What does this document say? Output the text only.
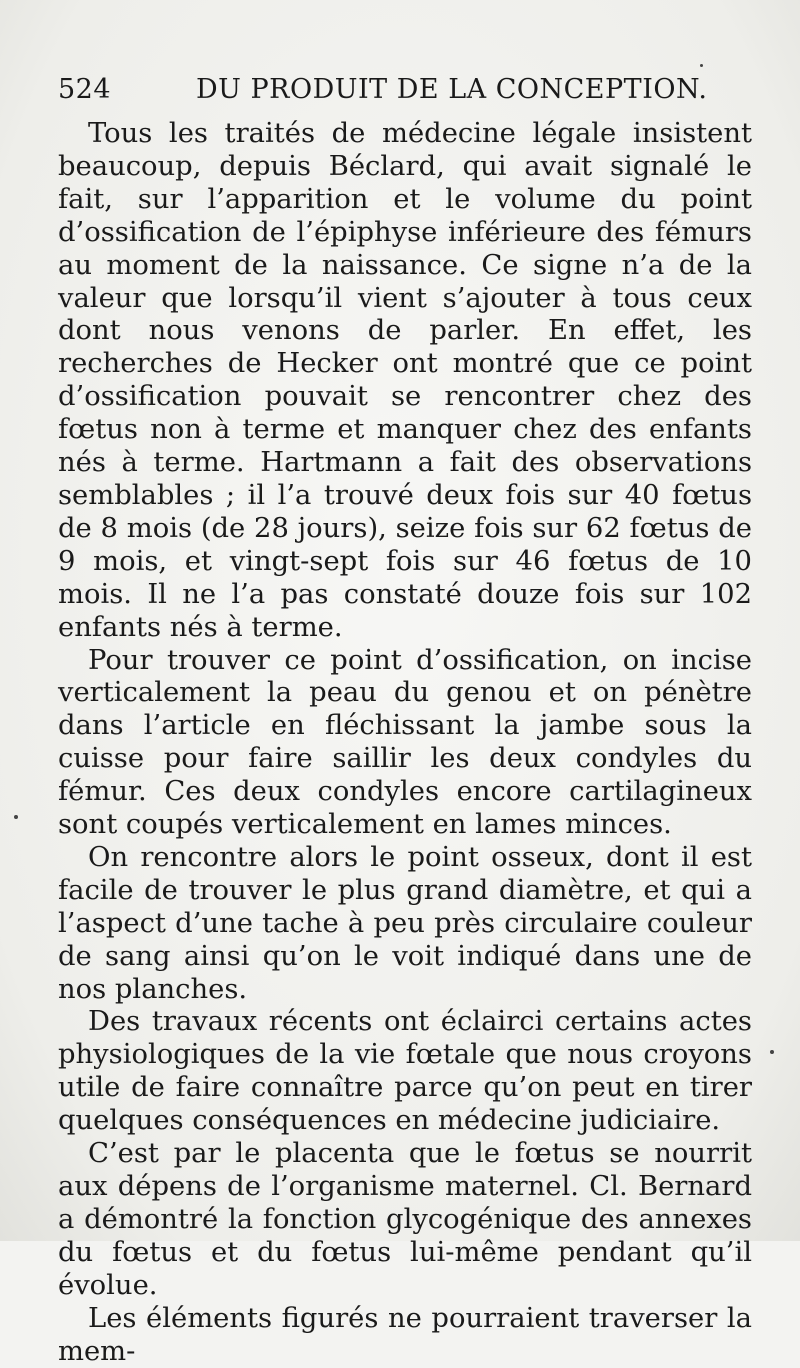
524	DU PRODUIT DE LA CONCEPTION.

Tous les traités de médecine légale insistent beaucoup, depuis Béclard, qui avait signalé le fait, sur l’apparition et le volume du point d’ossification de l’épiphyse inférieure des fémurs au moment de la naissance. Ce signe n’a de la valeur que lorsqu’il vient s’ajouter à tous ceux dont nous venons de parler. En effet, les recherches de Hecker ont montré que ce point d’ossification pouvait se rencontrer chez des fœtus non à terme et manquer chez des enfants nés à terme. Hartmann a fait des observations semblables ; il l’a trouvé deux fois sur 40 fœtus de 8 mois (de 28 jours), seize fois sur 62 fœtus de 9 mois, et vingt-sept fois sur 46 fœtus de 10 mois. Il ne l’a pas constaté douze fois sur 102 enfants nés à terme.

Pour trouver ce point d’ossification, on incise verticalement la peau du genou et on pénètre dans l’article en fléchissant la jambe sous la cuisse pour faire saillir les deux condyles du fémur. Ces deux condyles encore cartilagineux sont coupés verticalement en lames minces.

On rencontre alors le point osseux, dont il est facile de trouver le plus grand diamètre, et qui a l’aspect d’une tache à peu près circulaire couleur de sang ainsi qu’on le voit indiqué dans une de nos planches.

Des travaux récents ont éclairci certains actes physiologiques de la vie fœtale que nous croyons utile de faire connaître parce qu’on peut en tirer quelques conséquences en médecine judiciaire.

C’est par le placenta que le fœtus se nourrit aux dépens de l’organisme maternel. Cl. Bernard a démontré la fonction glycogénique des annexes du fœtus et du fœtus lui-même pendant qu’il évolue.

Les éléments figurés ne pourraient traverser la mem-
